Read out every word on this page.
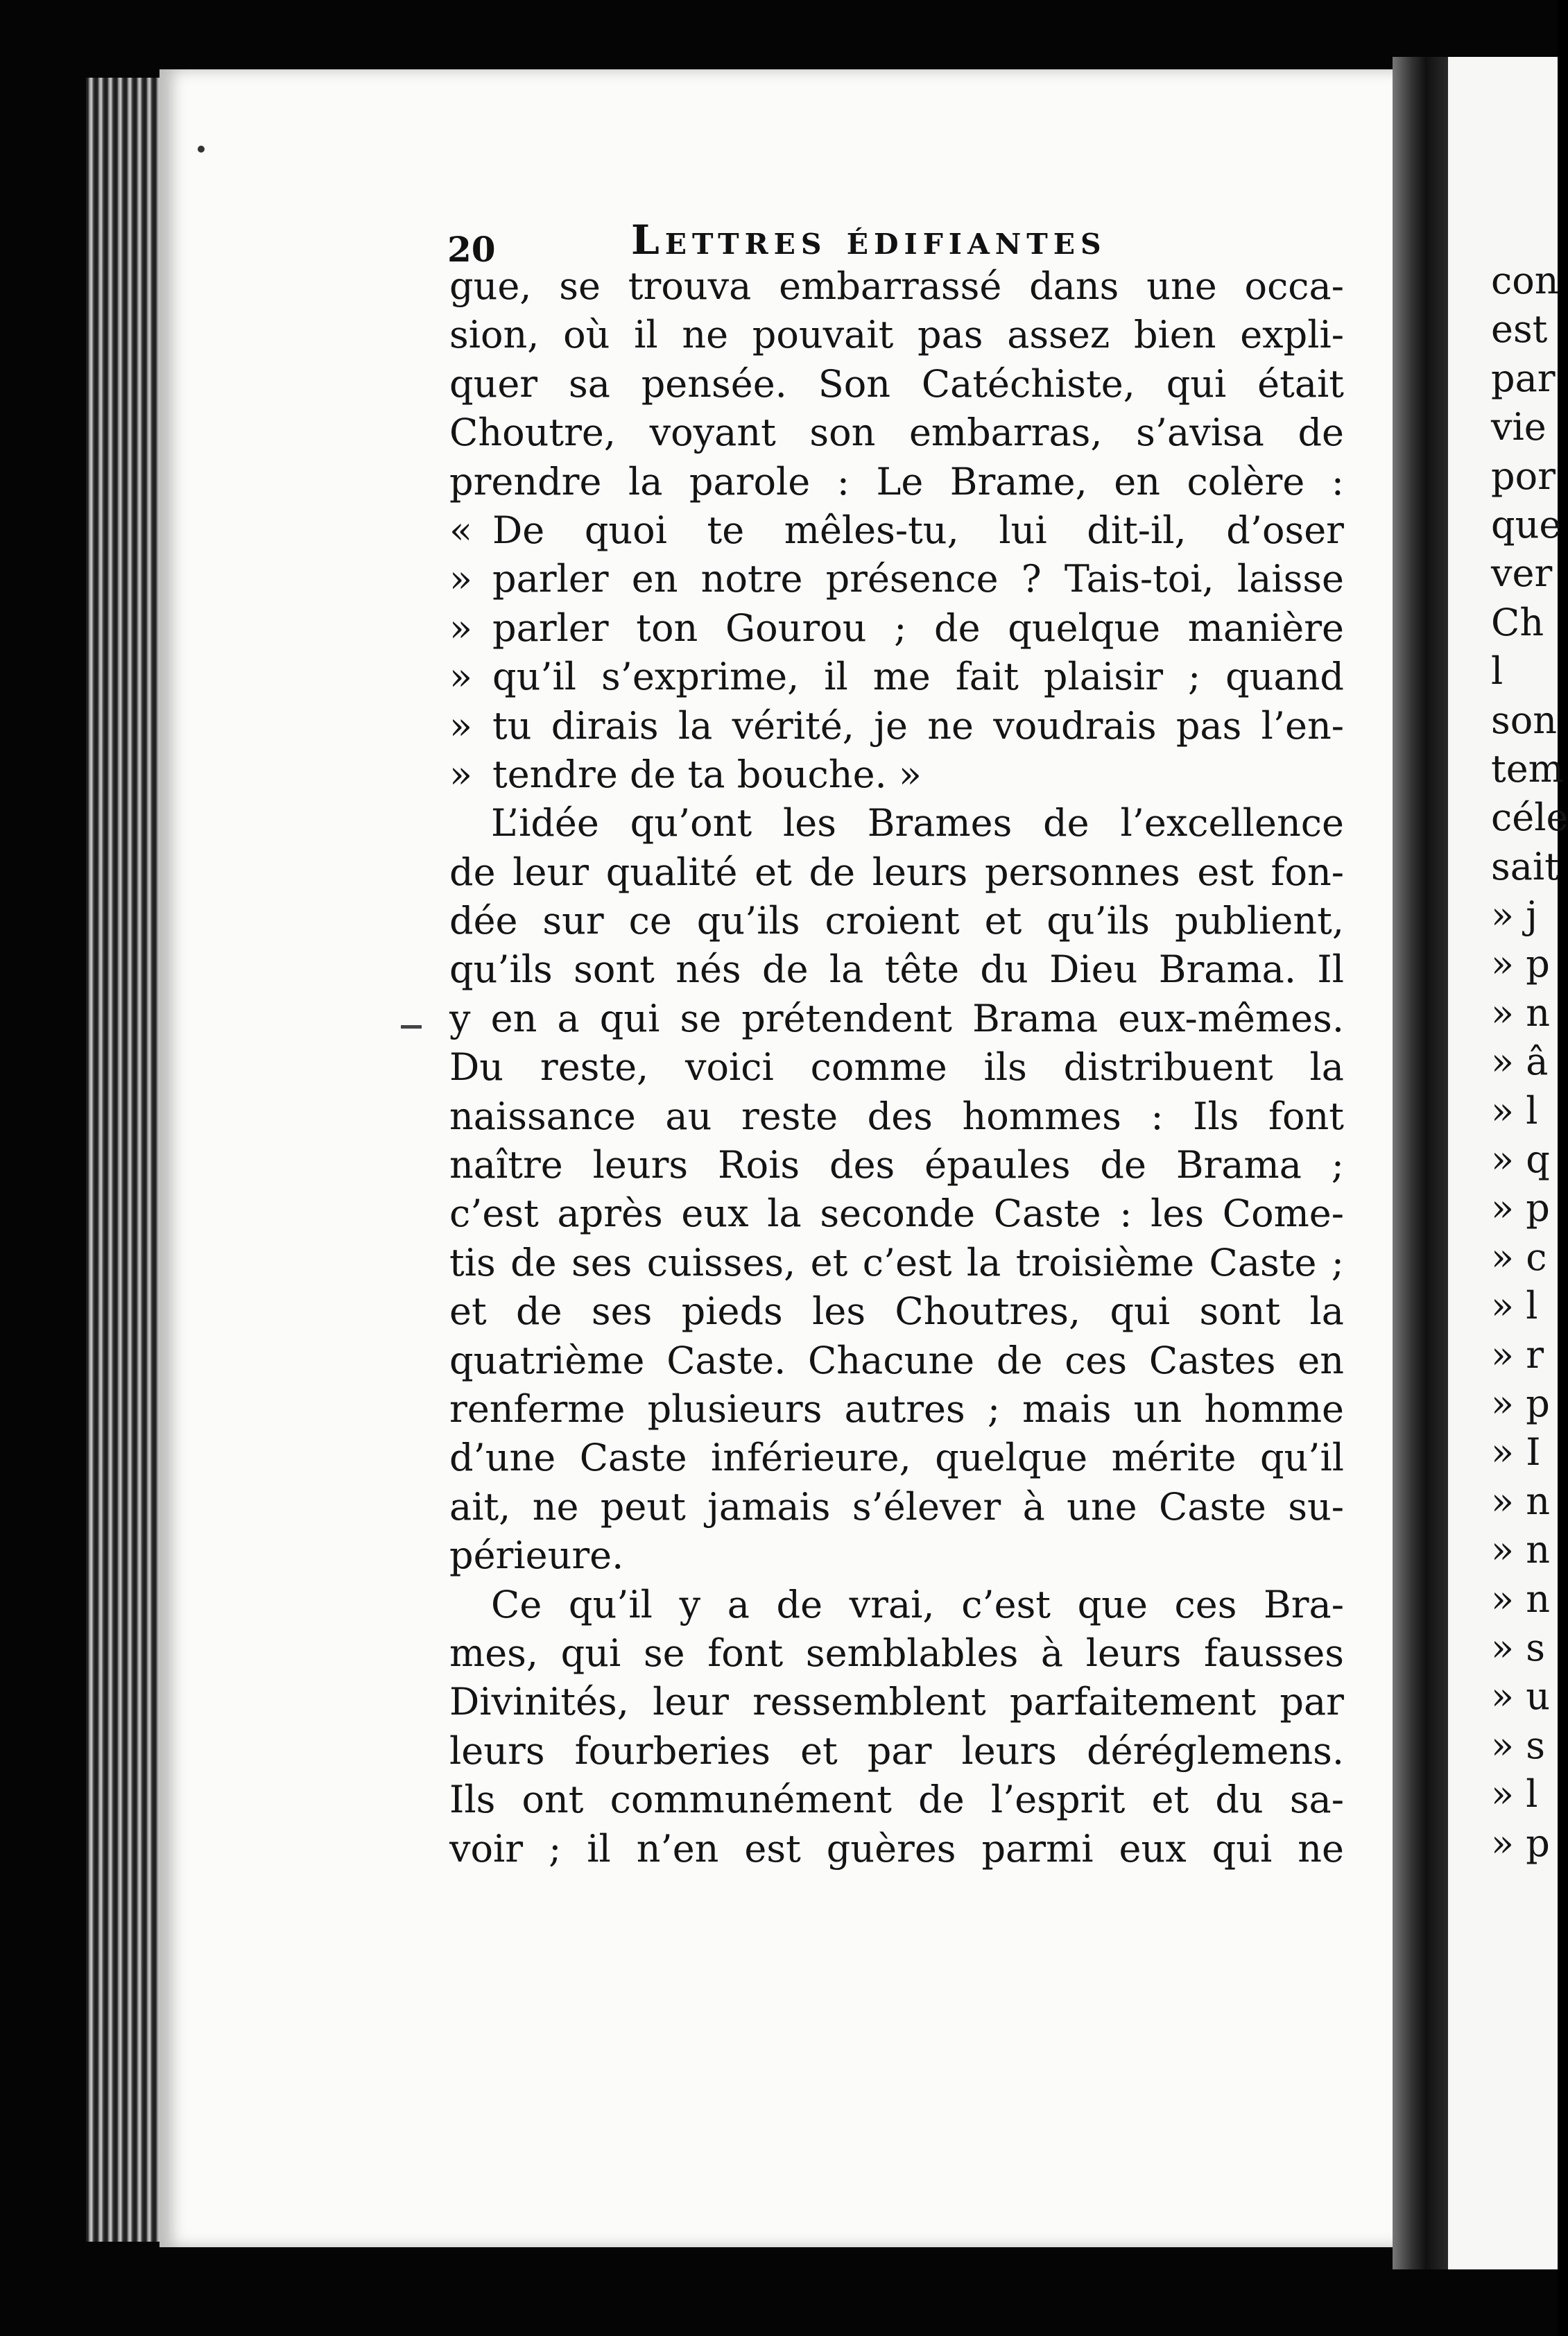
20	Lettres édifiantes
gue, se trouva embarrassé dans une occa-
sion, où il ne pouvait pas assez bien expli-
quer sa pensée. Son Catéchiste, qui était
Choutre, voyant son embarras, s’avisa de
prendre la parole : Le Brame, en colère :
« De quoi te mêles-tu, lui dit-il, d’oser
» parler en notre présence ? Tais-toi, laisse
» parler ton Gourou ; de quelque manière
» qu’il s’exprime, il me fait plaisir ; quand
» tu dirais la vérité, je ne voudrais pas l’en-
» tendre de ta bouche. »
L’idée qu’ont les Brames de l’excellence
de leur qualité et de leurs personnes est fon-
dée sur ce qu’ils croient et qu’ils publient,
qu’ils sont nés de la tête du Dieu Brama. Il
y en a qui se prétendent Brama eux-mêmes.
Du reste, voici comme ils distribuent la
naissance au reste des hommes : Ils font
naître leurs Rois des épaules de Brama ;
c’est après eux la seconde Caste : les Come-
tis de ses cuisses, et c’est la troisième Caste ;
et de ses pieds les Choutres, qui sont la
quatrième Caste. Chacune de ces Castes en
renferme plusieurs autres ; mais un homme
d’une Caste inférieure, quelque mérite qu’il
ait, ne peut jamais s’élever à une Caste su-
périeure.
Ce qu’il y a de vrai, c’est que ces Bra-
mes, qui se font semblables à leurs fausses
Divinités, leur ressemblent parfaitement par
leurs fourberies et par leurs déréglemens.
Ils ont communément de l’esprit et du sa-
voir ; il n’en est guères parmi eux qui ne
con
est
par
vie
por
que
ver
Ch
l
son
tem
céle
sait
» j
» p
» n
» â
» l
» q
» p
» c
» l
» r
» p
» I
» n
» n
» n
» s
» u
» s
» l
» p
